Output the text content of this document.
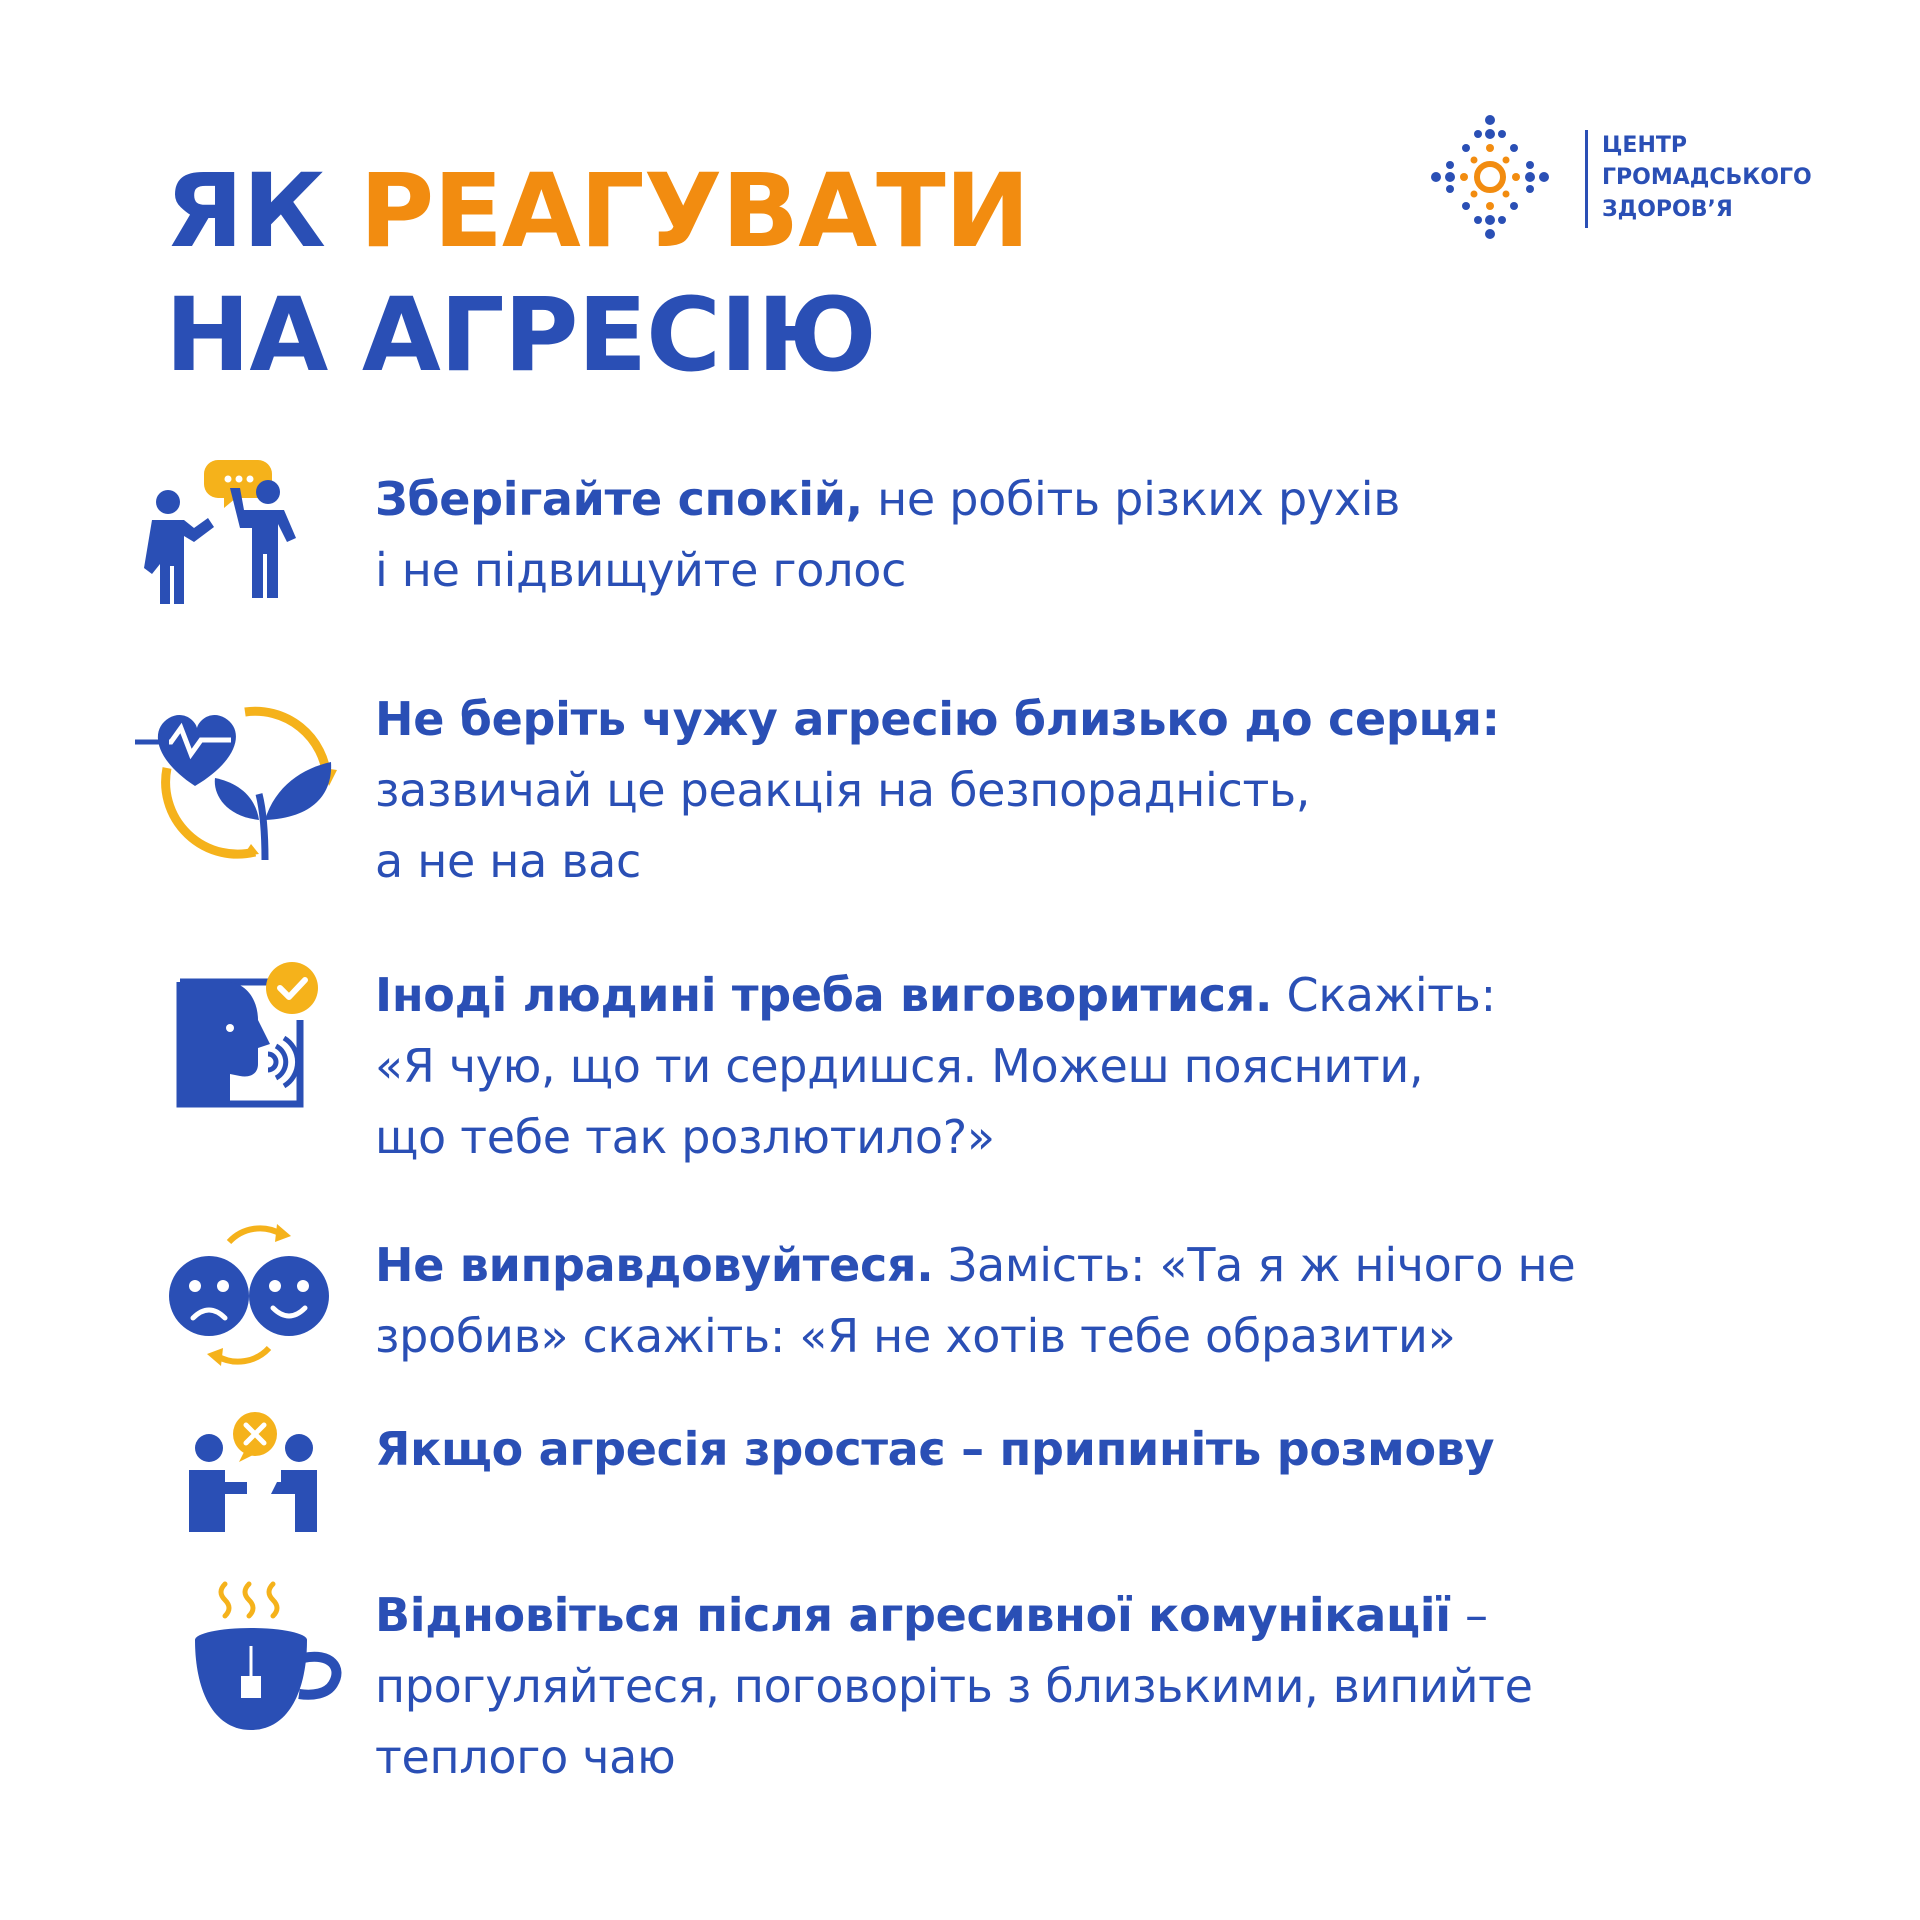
ЯК РЕАГУВАТИ
НА АГРЕСІЮ
ЦЕНТР
ГРОМАДСЬКОГО
ЗДОРОВ’Я
Зберігайте спокій, не робіть різких рухів
і не підвищуйте голос
Не беріть чужу агресію близько до серця:
зазвичай це реакція на безпорадність,
а не на вас
Іноді людині треба виговоритися. Скажіть:
«Я чую, що ти сердишся. Можеш пояснити,
що тебе так розлютило?»
Не виправдовуйтеся. Замість: «Та я ж нічого не
зробив» скажіть: «Я не хотів тебе образити»
Якщо агресія зростає – припиніть розмову
Відновіться після агресивної комунікації –
прогуляйтеся, поговоріть з близькими, випийте
теплого чаю
